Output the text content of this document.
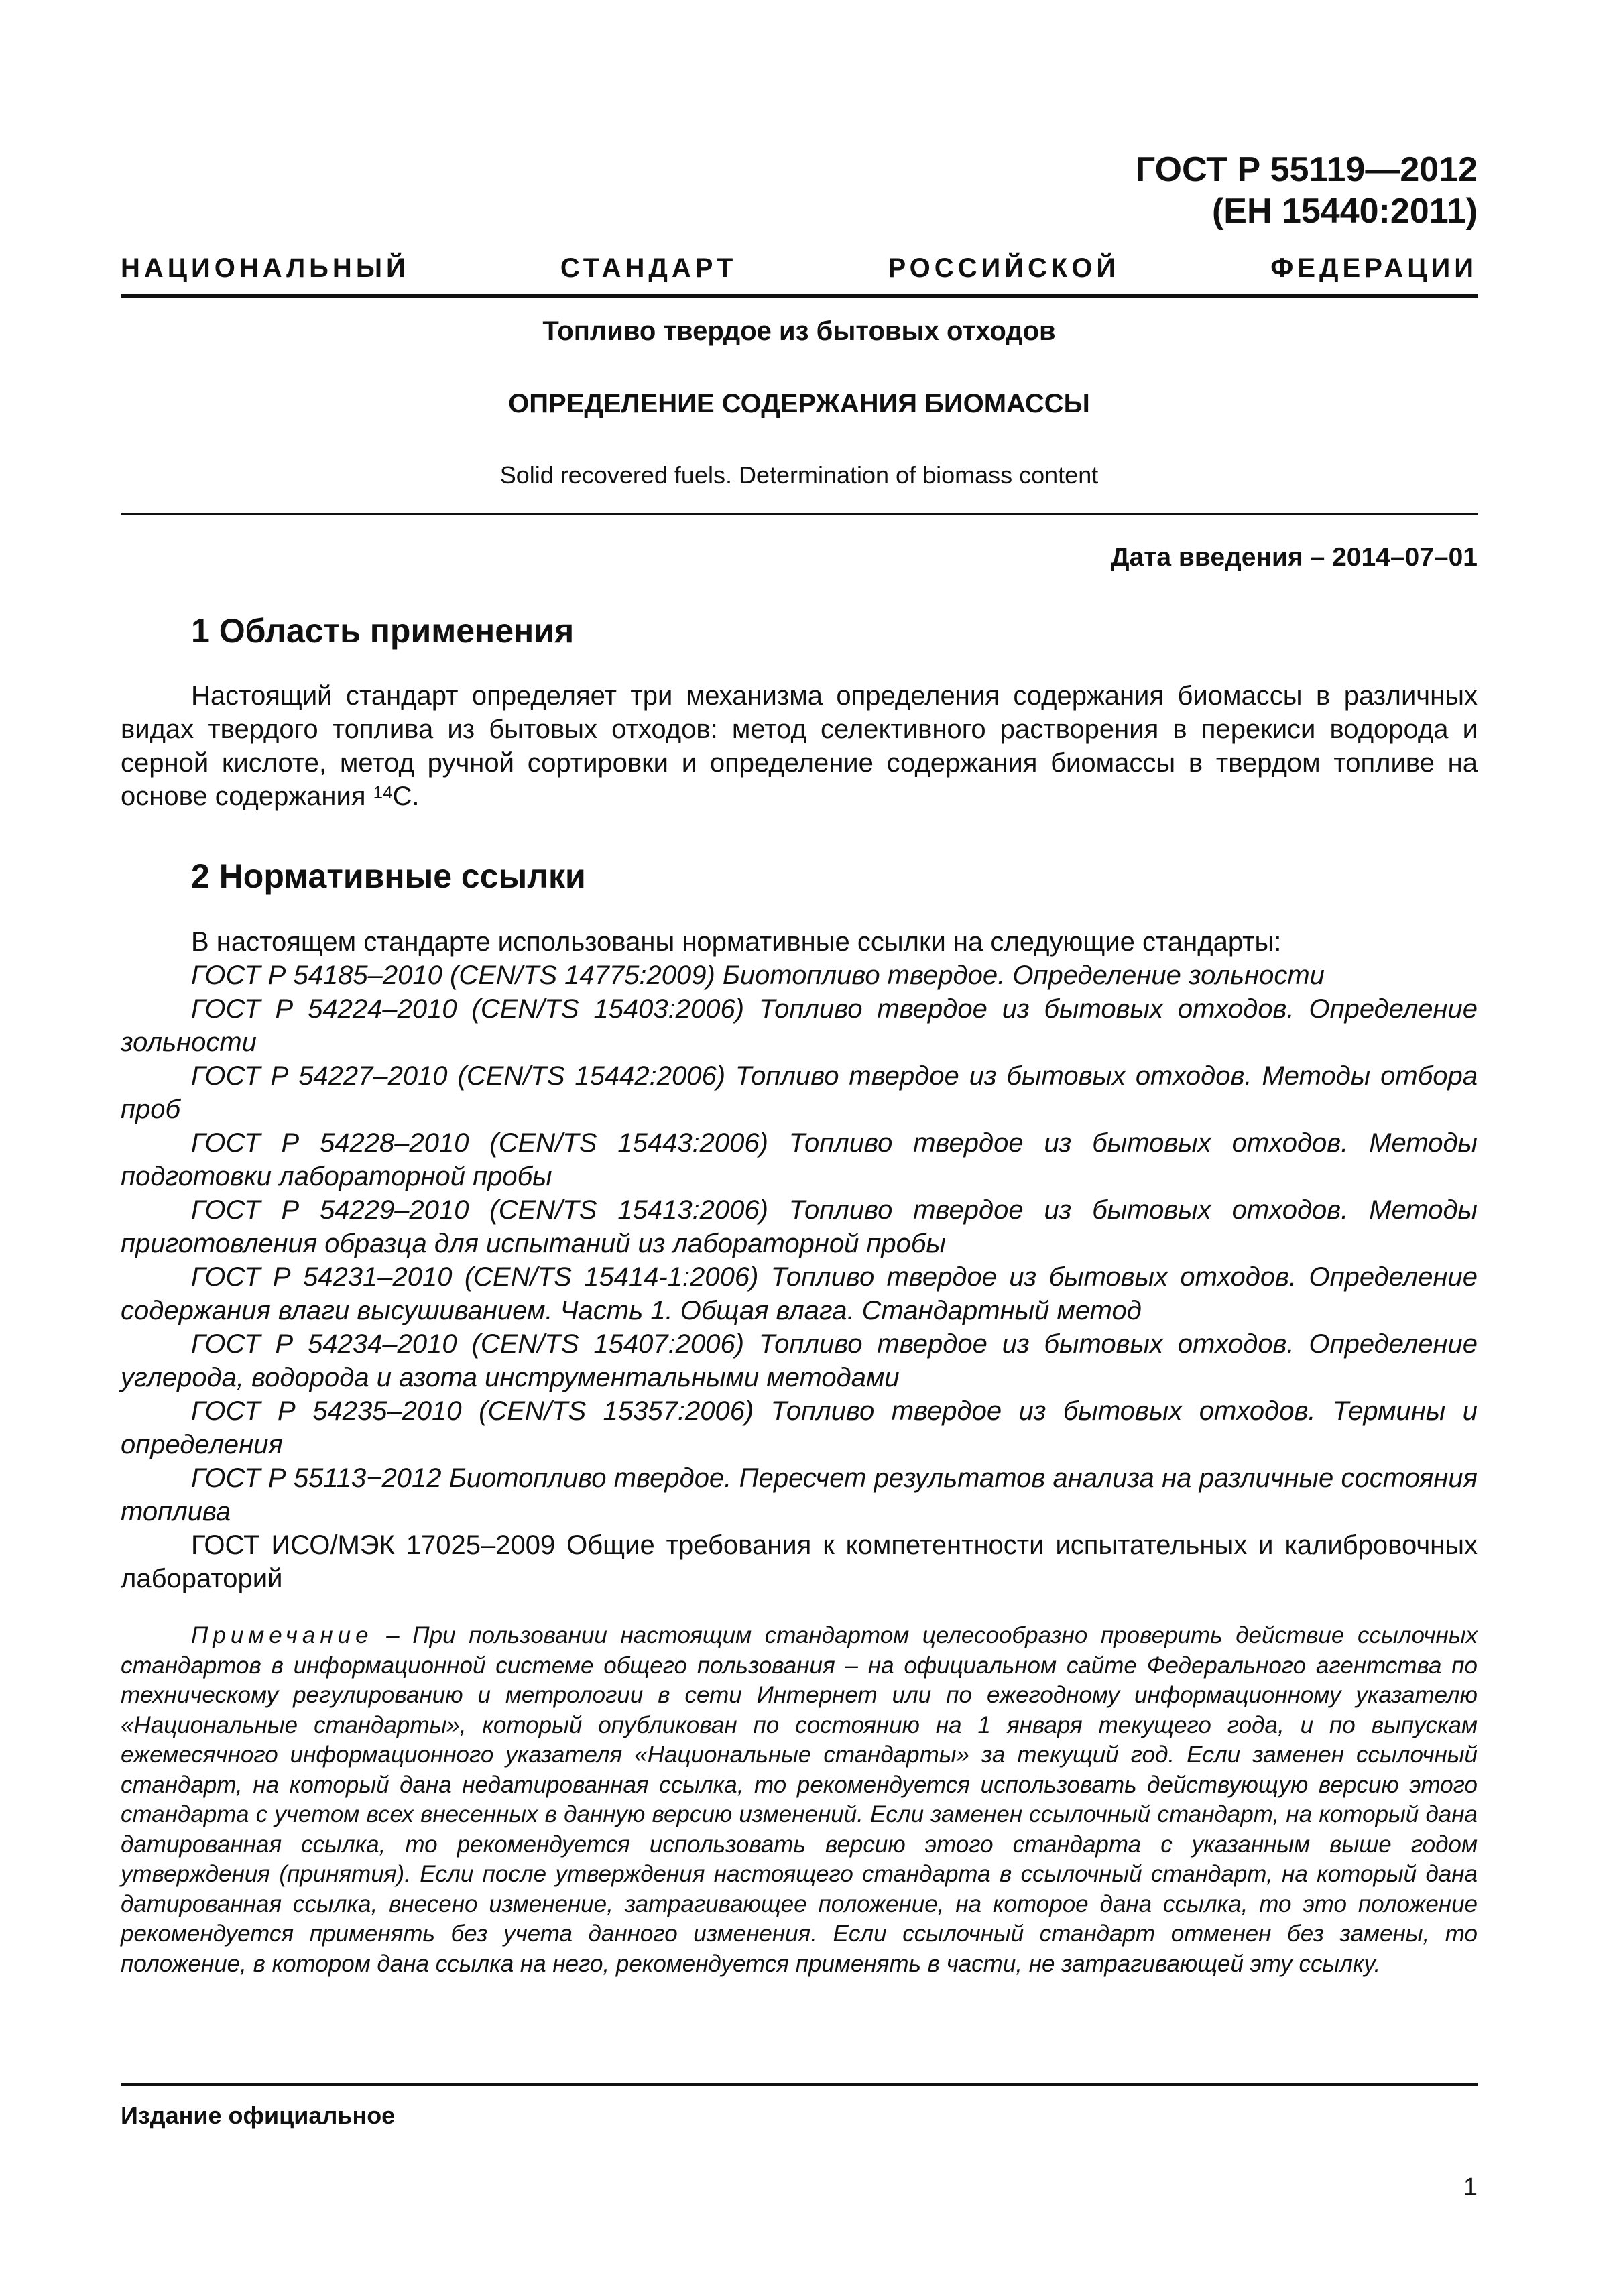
ГОСТ Р 55119—2012
(ЕН 15440:2011)
НАЦИОНАЛЬНЫЙ СТАНДАРТ РОССИЙСКОЙ ФЕДЕРАЦИИ
Топливо твердое из бытовых отходов
ОПРЕДЕЛЕНИЕ СОДЕРЖАНИЯ БИОМАССЫ
Solid recovered fuels. Determination of biomass content
Дата введения – 2014–07–01
1 Область применения

Настоящий стандарт определяет три механизма определения содержания биомассы в различных видах твердого топлива из бытовых отходов: метод селективного растворения в перекиси водорода и серной кислоте, метод ручной сортировки и определение содержания биомассы в твердом топливе на основе содержания $^{14}$C.

2 Нормативные ссылки

В настоящем стандарте использованы нормативные ссылки на следующие стандарты:

ГОСТ Р 54185–2010 (CEN/TS 14775:2009) Биотопливо твердое. Определение зольности

ГОСТ Р 54224–2010 (CEN/TS 15403:2006) Топливо твердое из бытовых отходов. Определение зольности

ГОСТ Р 54227–2010 (CEN/TS 15442:2006) Топливо твердое из бытовых отходов. Методы отбора проб

ГОСТ Р 54228–2010 (CEN/TS 15443:2006) Топливо твердое из бытовых отходов. Методы подготовки лабораторной пробы

ГОСТ Р 54229–2010 (CEN/TS 15413:2006) Топливо твердое из бытовых отходов. Методы приготовления образца для испытаний из лабораторной пробы

ГОСТ Р 54231–2010 (CEN/TS 15414-1:2006) Топливо твердое из бытовых отходов. Определение содержания влаги высушиванием. Часть 1. Общая влага. Стандартный метод

ГОСТ Р 54234–2010 (CEN/TS 15407:2006) Топливо твердое из бытовых отходов. Определение углерода, водорода и азота инструментальными методами

ГОСТ Р 54235–2010 (CEN/TS 15357:2006) Топливо твердое из бытовых отходов. Термины и определения

ГОСТ Р 55113−2012 Биотопливо твердое. Пересчет результатов анализа на различные состояния топлива

ГОСТ ИСО/МЭК 17025–2009 Общие требования к компетентности испытательных и калибровочных лабораторий

Примечание – При пользовании настоящим стандартом целесообразно проверить действие ссылочных стандартов в информационной системе общего пользования – на официальном сайте Федерального агентства по техническому регулированию и метрологии в сети Интернет или по ежегодному информационному указателю «Национальные стандарты», который опубликован по состоянию на 1 января текущего года, и по выпускам ежемесячного информационного указателя «Национальные стандарты» за текущий год. Если заменен ссылочный стандарт, на который дана недатированная ссылка, то рекомендуется использовать действующую версию этого стандарта с учетом всех внесенных в данную версию изменений. Если заменен ссылочный стандарт, на который дана датированная ссылка, то рекомендуется использовать версию этого стандарта с указанным выше годом утверждения (принятия). Если после утверждения настоящего стандарта в ссылочный стандарт, на который дана датированная ссылка, внесено изменение, затрагивающее положение, на которое дана ссылка, то это положение рекомендуется применять без учета данного изменения. Если ссылочный стандарт отменен без замены, то положение, в котором дана ссылка на него, рекомендуется применять в части, не затрагивающей эту ссылку.
Издание официальное
1
